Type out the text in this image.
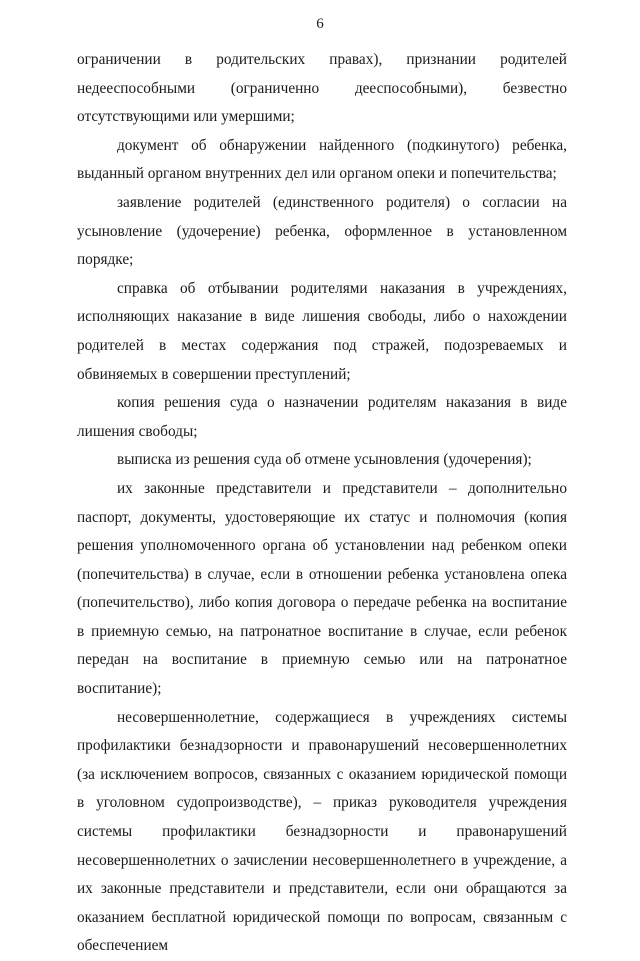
6

ограничении в родительских правах), признании родителей недееспособными (ограниченно дееспособными), безвестно отсутствующими или умершими;

документ об обнаружении найденного (подкинутого) ребенка, выданный органом внутренних дел или органом опеки и попечительства;

заявление родителей (единственного родителя) о согласии на усыновление (удочерение) ребенка, оформленное в установленном порядке;

справка об отбывании родителями наказания в учреждениях, исполняющих наказание в виде лишения свободы, либо о нахождении родителей в местах содержания под стражей, подозреваемых и обвиняемых в совершении преступлений;

копия решения суда о назначении родителям наказания в виде лишения свободы;

выписка из решения суда об отмене усыновления (удочерения);

их законные представители и представители – дополнительно паспорт, документы, удостоверяющие их статус и полномочия (копия решения уполномоченного органа об установлении над ребенком опеки (попечительства) в случае, если в отношении ребенка установлена опека (попечительство), либо копия договора о передаче ребенка на воспитание в приемную семью, на патронатное воспитание в случае, если ребенок передан на воспитание в приемную семью или на патронатное воспитание);

несовершеннолетние, содержащиеся в учреждениях системы профилактики безнадзорности и правонарушений несовершеннолетних (за исключением вопросов, связанных с оказанием юридической помощи в уголовном судопроизводстве), – приказ руководителя учреждения системы профилактики безнадзорности и правонарушений несовершеннолетних о зачислении несовершеннолетнего в учреждение, а их законные представители и представители, если они обращаются за оказанием бесплатной юридической помощи по вопросам, связанным с обеспечением
